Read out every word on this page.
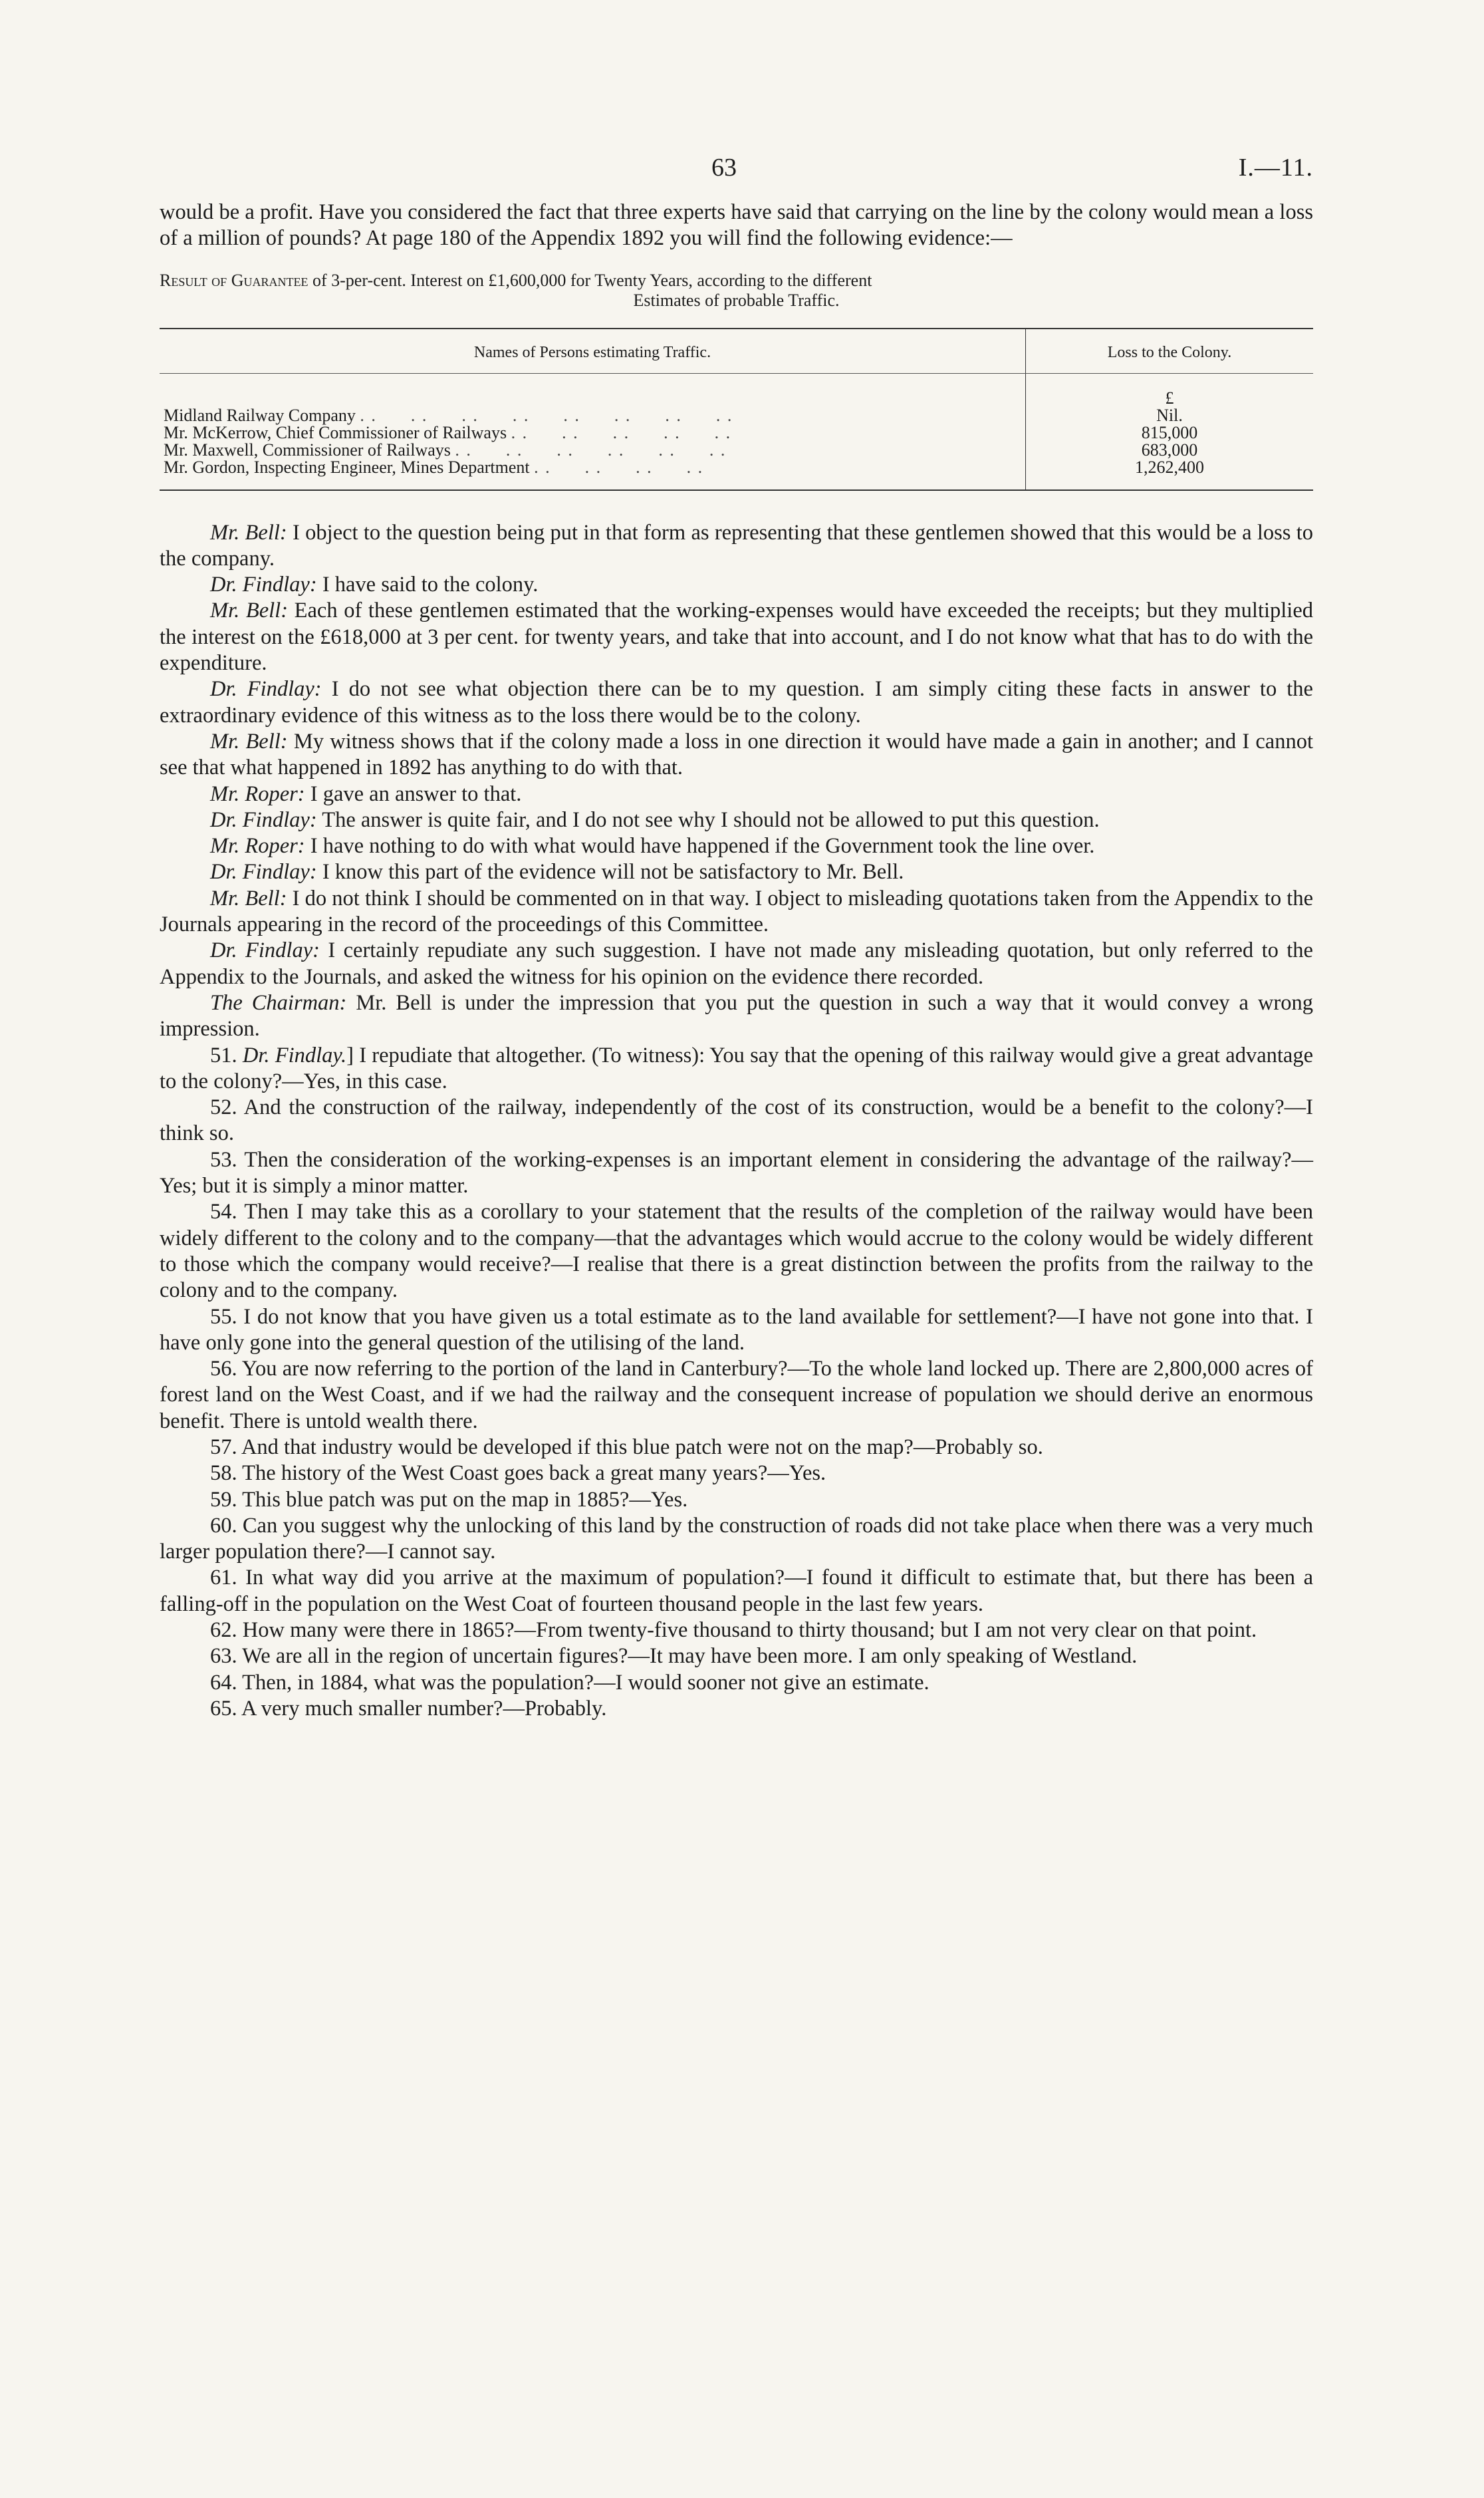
63	I.—11.

would be a profit. Have you considered the fact that three experts have said that carrying on the line by the colony would mean a loss of a million of pounds? At page 180 of the Appendix 1892 you will find the following evidence:—

Result of Guarantee of 3-per-cent. Interest on £1,600,000 for Twenty Years, according to the different
Estimates of probable Traffic.
Names of Persons estimating Traffic.	Loss to the Colony.
	£
Midland Railway Company . .      . .      . .      . .      . .      . .      . .      . .	Nil.
Mr. McKerrow, Chief Commissioner of Railways . .      . .      . .      . .      . .	815,000
Mr. Maxwell, Commissioner of Railways . .      . .      . .      . .      . .      . .	683,000
Mr. Gordon, Inspecting Engineer, Mines Department . .      . .      . .      . .	1,262,400

Mr. Bell: I object to the question being put in that form as representing that these gentlemen showed that this would be a loss to the company.

Dr. Findlay: I have said to the colony.

Mr. Bell: Each of these gentlemen estimated that the working-expenses would have exceeded the receipts; but they multiplied the interest on the £618,000 at 3 per cent. for twenty years, and take that into account, and I do not know what that has to do with the expenditure.

Dr. Findlay: I do not see what objection there can be to my question. I am simply citing these facts in answer to the extraordinary evidence of this witness as to the loss there would be to the colony.

Mr. Bell: My witness shows that if the colony made a loss in one direction it would have made a gain in another; and I cannot see that what happened in 1892 has anything to do with that.

Mr. Roper: I gave an answer to that.

Dr. Findlay: The answer is quite fair, and I do not see why I should not be allowed to put this question.

Mr. Roper: I have nothing to do with what would have happened if the Government took the line over.

Dr. Findlay: I know this part of the evidence will not be satisfactory to Mr. Bell.

Mr. Bell: I do not think I should be commented on in that way. I object to misleading quotations taken from the Appendix to the Journals appearing in the record of the proceedings of this Committee.

Dr. Findlay: I certainly repudiate any such suggestion. I have not made any misleading quotation, but only referred to the Appendix to the Journals, and asked the witness for his opinion on the evidence there recorded.

The Chairman: Mr. Bell is under the impression that you put the question in such a way that it would convey a wrong impression.

51. Dr. Findlay.] I repudiate that altogether. (To witness): You say that the opening of this railway would give a great advantage to the colony?—Yes, in this case.

52. And the construction of the railway, independently of the cost of its construction, would be a benefit to the colony?—I think so.

53. Then the consideration of the working-expenses is an important element in considering the advantage of the railway?—Yes; but it is simply a minor matter.

54. Then I may take this as a corollary to your statement that the results of the completion of the railway would have been widely different to the colony and to the company—that the advantages which would accrue to the colony would be widely different to those which the company would receive?—I realise that there is a great distinction between the profits from the railway to the colony and to the company.

55. I do not know that you have given us a total estimate as to the land available for settlement?—I have not gone into that. I have only gone into the general question of the utilising of the land.

56. You are now referring to the portion of the land in Canterbury?—To the whole land locked up. There are 2,800,000 acres of forest land on the West Coast, and if we had the railway and the consequent increase of population we should derive an enormous benefit. There is untold wealth there.

57. And that industry would be developed if this blue patch were not on the map?—Probably so.

58. The history of the West Coast goes back a great many years?—Yes.

59. This blue patch was put on the map in 1885?—Yes.

60. Can you suggest why the unlocking of this land by the construction of roads did not take place when there was a very much larger population there?—I cannot say.

61. In what way did you arrive at the maximum of population?—I found it difficult to estimate that, but there has been a falling-off in the population on the West Coat of fourteen thousand people in the last few years.

62. How many were there in 1865?—From twenty-five thousand to thirty thousand; but I am not very clear on that point.

63. We are all in the region of uncertain figures?—It may have been more. I am only speaking of Westland.

64. Then, in 1884, what was the population?—I would sooner not give an estimate.

65. A very much smaller number?—Probably.
